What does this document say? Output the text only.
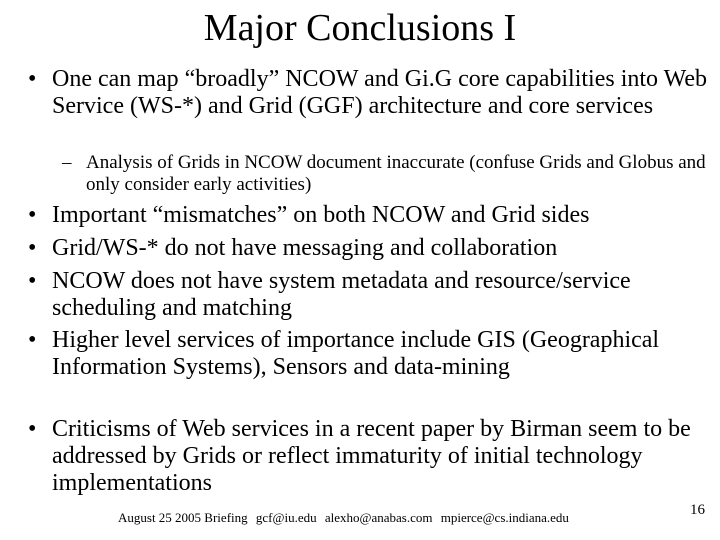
Major Conclusions I
• One can map “broadly” NCOW and Gi.G core capabilities into Web Service (WS-*) and Grid (GGF) architecture and core services
– Analysis of Grids in NCOW document inaccurate (confuse Grids and Globus and only consider early activities)
• Important “mismatches” on both NCOW and Grid sides
• Grid/WS-* do not have messaging and collaboration
• NCOW does not have system metadata and resource/service scheduling and matching
• Higher level services of importance include GIS (Geographical Information Systems), Sensors and data-mining
• Criticisms of Web services in a recent paper by Birman seem to be addressed by Grids or reflect immaturity of initial technology implementations
August 25 2005 Briefing gcf@iu.edu alexho@anabas.com mpierce@cs.indiana.edu	16
